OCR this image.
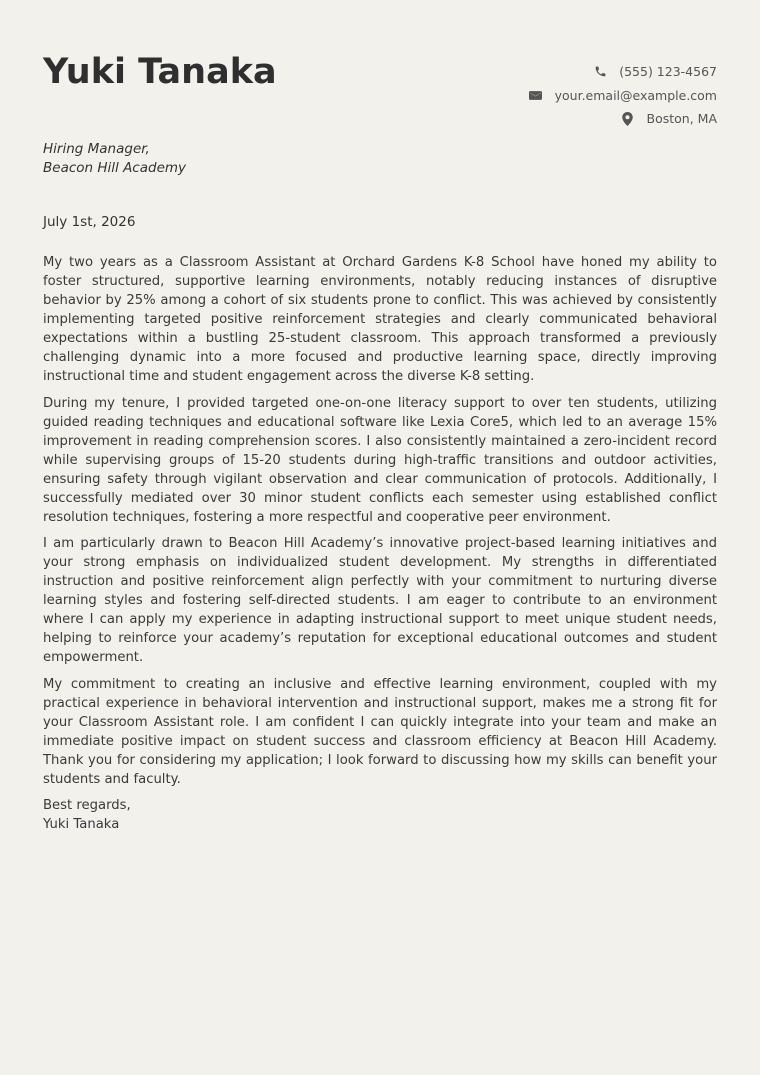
Yuki Tanaka	(555) 123-4567
your.email@example.com
Boston, MA
Hiring Manager,
Beacon Hill Academy
July 1st, 2026

My two years as a Classroom Assistant at Orchard Gardens K-8 School have honed my ability to foster structured, supportive learning environments, notably reducing instances of disruptive behavior by 25% among a cohort of six students prone to conflict. This was achieved by consistently implementing targeted positive reinforcement strategies and clearly communicated behavioral expectations within a bustling 25-student classroom. This approach transformed a previously challenging dynamic into a more focused and productive learning space, directly improving instructional time and student engagement across the diverse K-8 setting.

During my tenure, I provided targeted one-on-one literacy support to over ten students, utilizing guided reading techniques and educational software like Lexia Core5, which led to an average 15% improvement in reading comprehension scores. I also consistently maintained a zero-incident record while supervising groups of 15-20 students during high-traffic transitions and outdoor activities, ensuring safety through vigilant observation and clear communication of protocols. Additionally, I successfully mediated over 30 minor student conflicts each semester using established conflict resolution techniques, fostering a more respectful and cooperative peer environment.

I am particularly drawn to Beacon Hill Academy’s innovative project-based learning initiatives and your strong emphasis on individualized student development. My strengths in differentiated instruction and positive reinforcement align perfectly with your commitment to nurturing diverse learning styles and fostering self-directed students. I am eager to contribute to an environment where I can apply my experience in adapting instructional support to meet unique student needs, helping to reinforce your academy’s reputation for exceptional educational outcomes and student empowerment.

My commitment to creating an inclusive and effective learning environment, coupled with my practical experience in behavioral intervention and instructional support, makes me a strong fit for your Classroom Assistant role. I am confident I can quickly integrate into your team and make an immediate positive impact on student success and classroom efficiency at Beacon Hill Academy. Thank you for considering my application; I look forward to discussing how my skills can benefit your students and faculty.

Best regards,
Yuki Tanaka
